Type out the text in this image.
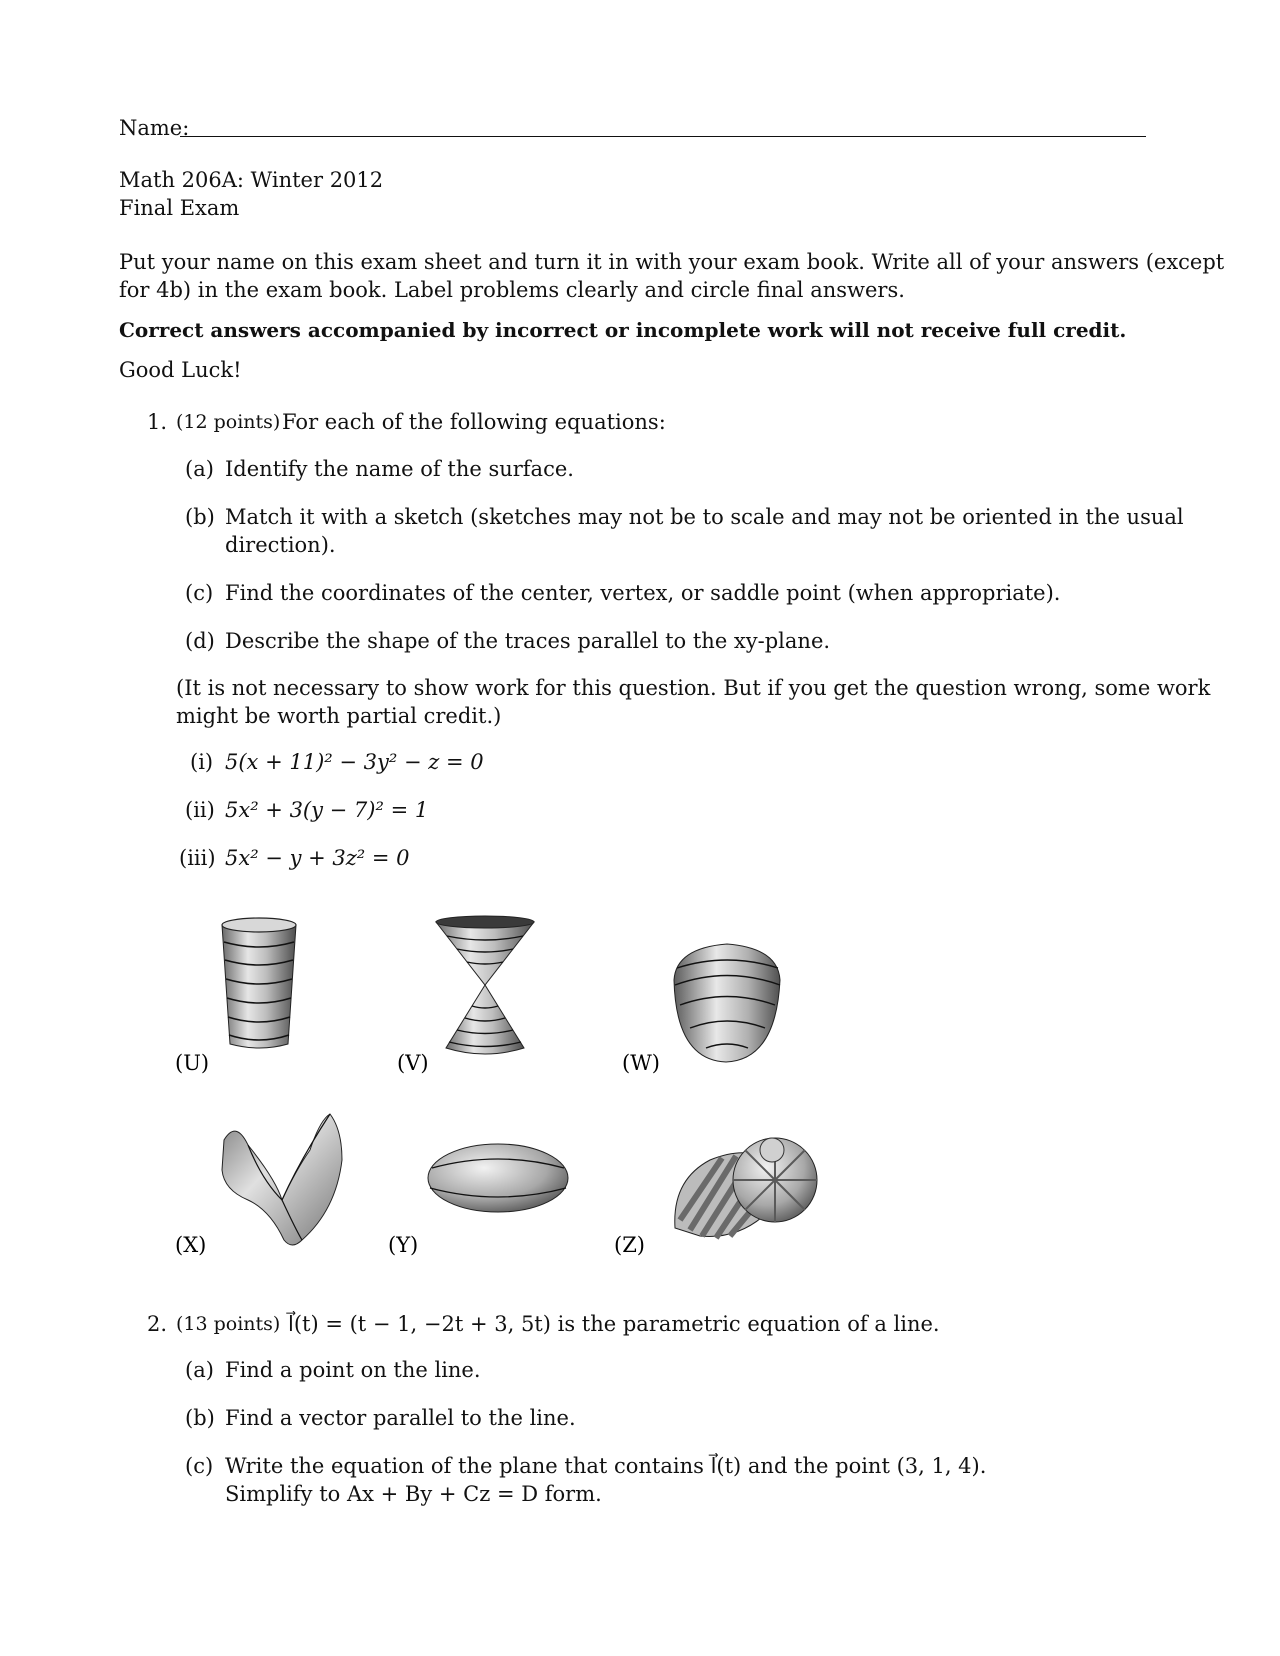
Name:
Math 206A: Winter 2012
Final Exam
Put your name on this exam sheet and turn it in with your exam book. Write all of your answers (except
for 4b) in the exam book. Label problems clearly and circle final answers.
Correct answers accompanied by incorrect or incomplete work will not receive full credit.
Good Luck!
1. (12 points) For each of the following equations:
(a) Identify the name of the surface.
(b) Match it with a sketch (sketches may not be to scale and may not be oriented in the usual
direction).
(c) Find the coordinates of the center, vertex, or saddle point (when appropriate).
(d) Describe the shape of the traces parallel to the xy-plane.
(It is not necessary to show work for this question. But if you get the question wrong, some work
might be worth partial credit.)
(i) 5(x + 11)² − 3y² − z = 0
(ii) 5x² + 3(y − 7)² = 1
(iii) 5x² − y + 3z² = 0
(U)	(V)	(W)
(X)	(Y)	(Z)
2. (13 points) l⃗(t) = (t − 1, −2t + 3, 5t) is the parametric equation of a line.
(a) Find a point on the line.
(b) Find a vector parallel to the line.
(c) Write the equation of the plane that contains l⃗(t) and the point (3, 1, 4).
Simplify to Ax + By + Cz = D form.
